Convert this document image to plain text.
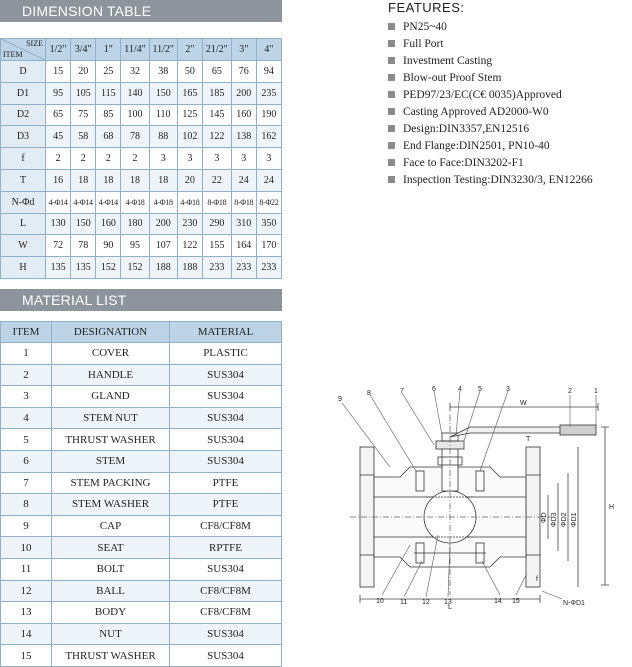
DIMENSION TABLE
SIZE
ITEM	1/2"	3/4"	1"	11/4"	11/2"	2"	21/2"	3"	4"
D	15	20	25	32	38	50	65	76	94
D1	95	105	115	140	150	165	185	200	235
D2	65	75	85	100	110	125	145	160	190
D3	45	58	68	78	88	102	122	138	162
f	2	2	2	2	3	3	3	3	3
T	16	18	18	18	18	20	22	24	24
N-Φd	4-Φ14	4-Φ14	4-Φ14	4-Φ18	4-Φ18	4-Φ18	8-Φ18	8-Φ18	8-Φ22
L	130	150	160	180	200	230	290	310	350
W	72	78	90	95	107	122	155	164	170
H	135	135	152	152	188	188	233	233	233
MATERIAL LIST
ITEM	DESIGNATION	MATERIAL
1	COVER	PLASTIC
2	HANDLE	SUS304
3	GLAND	SUS304
4	STEM NUT	SUS304
5	THRUST WASHER	SUS304
6	STEM	SUS304
7	STEM PACKING	PTFE
8	STEM WASHER	PTFE
9	CAP	CF8/CF8M
10	SEAT	RPTFE
11	BOLT	SUS304
12	BALL	CF8/CF8M
13	BODY	CF8/CF8M
14	NUT	SUS304
15	THRUST WASHER	SUS304
FEATURES:
PN25~40
Full Port
Investment Casting
Blow-out Proof Stem
PED97/23/EC(C€ 0035)Approved
Casting Approved AD2000-W0
Design:DIN3357,EN12516
End Flange:DIN2501, PN10-40
Face to Face:DIN3202-F1
Inspection Testing:DIN3230/3, EN12266
9
8	7	6	4 5	3	2	1
10 11 12 13	14 15
W
H
L
f
T
N-ΦD1
ΦD ΦD3 ΦD2 ΦD1
